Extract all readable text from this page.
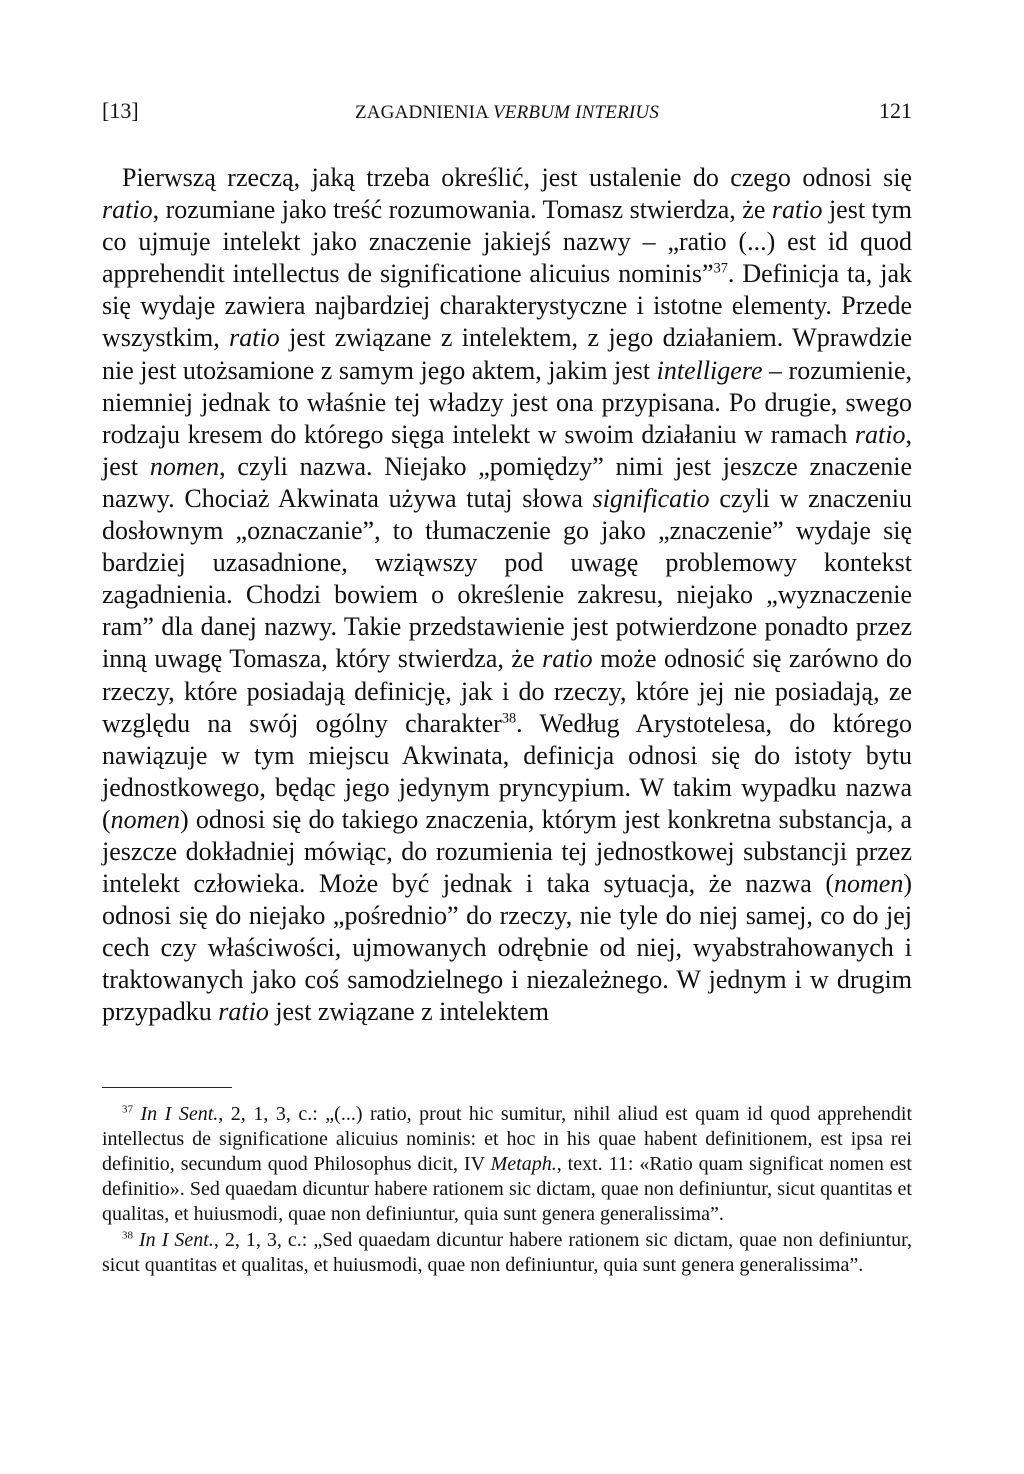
[13]	ZAGADNIENIA VERBUM INTERIUS	121

Pierwszą rzeczą, jaką trzeba określić, jest ustalenie do czego odnosi się ratio, rozumiane jako treść rozumowania. Tomasz stwierdza, że ratio jest tym co ujmuje intelekt jako znaczenie jakiejś nazwy – „ratio (...) est id quod apprehendit intellectus de significatione alicuius nominis”$^{37}$. Definicja ta, jak się wydaje zawiera najbardziej charakterystyczne i istotne elementy. Przede wszystkim, ratio jest związane z intelektem, z jego działaniem. Wprawdzie nie jest utożsamione z samym jego aktem, jakim jest intelligere – rozumienie, niemniej jednak to właśnie tej władzy jest ona przypisana. Po drugie, swego rodzaju kresem do którego sięga intelekt w swoim działaniu w ramach ratio, jest nomen, czyli nazwa. Niejako „pomiędzy” nimi jest jeszcze znaczenie nazwy. Chociaż Akwinata używa tutaj słowa significatio czyli w znaczeniu dosłownym „oznaczanie”, to tłumaczenie go jako „znaczenie” wydaje się bardziej uzasadnione, wziąwszy pod uwagę problemowy kontekst zagadnienia. Chodzi bowiem o określenie zakresu, niejako „wyznaczenie ram” dla danej nazwy. Takie przedstawienie jest potwierdzone ponadto przez inną uwagę Tomasza, który stwierdza, że ratio może odnosić się zarówno do rzeczy, które posiadają definicję, jak i do rzeczy, które jej nie posiadają, ze względu na swój ogólny charakter$^{38}$. Według Arystotelesa, do którego nawiązuje w tym miejscu Akwinata, definicja odnosi się do istoty bytu jednostkowego, będąc jego jedynym pryncypium. W takim wypadku nazwa (nomen) odnosi się do takiego znaczenia, którym jest konkretna substancja, a jeszcze dokładniej mówiąc, do rozumienia tej jednostkowej substancji przez intelekt człowieka. Może być jednak i taka sytuacja, że nazwa (nomen) odnosi się do niejako „pośrednio” do rzeczy, nie tyle do niej samej, co do jej cech czy właściwości, ujmowanych odrębnie od niej, wyabstrahowanych i traktowanych jako coś samodzielnego i niezależnego. W jednym i w drugim przypadku ratio jest związane z intelektem

$^{37}$ In I Sent., 2, 1, 3, c.: „(...) ratio, prout hic sumitur, nihil aliud est quam id quod apprehendit intellectus de significatione alicuius nominis: et hoc in his quae habent definitionem, est ipsa rei definitio, secundum quod Philosophus dicit, IV Metaph., text. 11: «Ratio quam significat nomen est definitio». Sed quaedam dicuntur habere rationem sic dictam, quae non definiuntur, sicut quantitas et qualitas, et huiusmodi, quae non definiuntur, quia sunt genera generalissima”.

$^{38}$ In I Sent., 2, 1, 3, c.: „Sed quaedam dicuntur habere rationem sic dictam, quae non definiuntur, sicut quantitas et qualitas, et huiusmodi, quae non definiuntur, quia sunt genera generalissima”.
